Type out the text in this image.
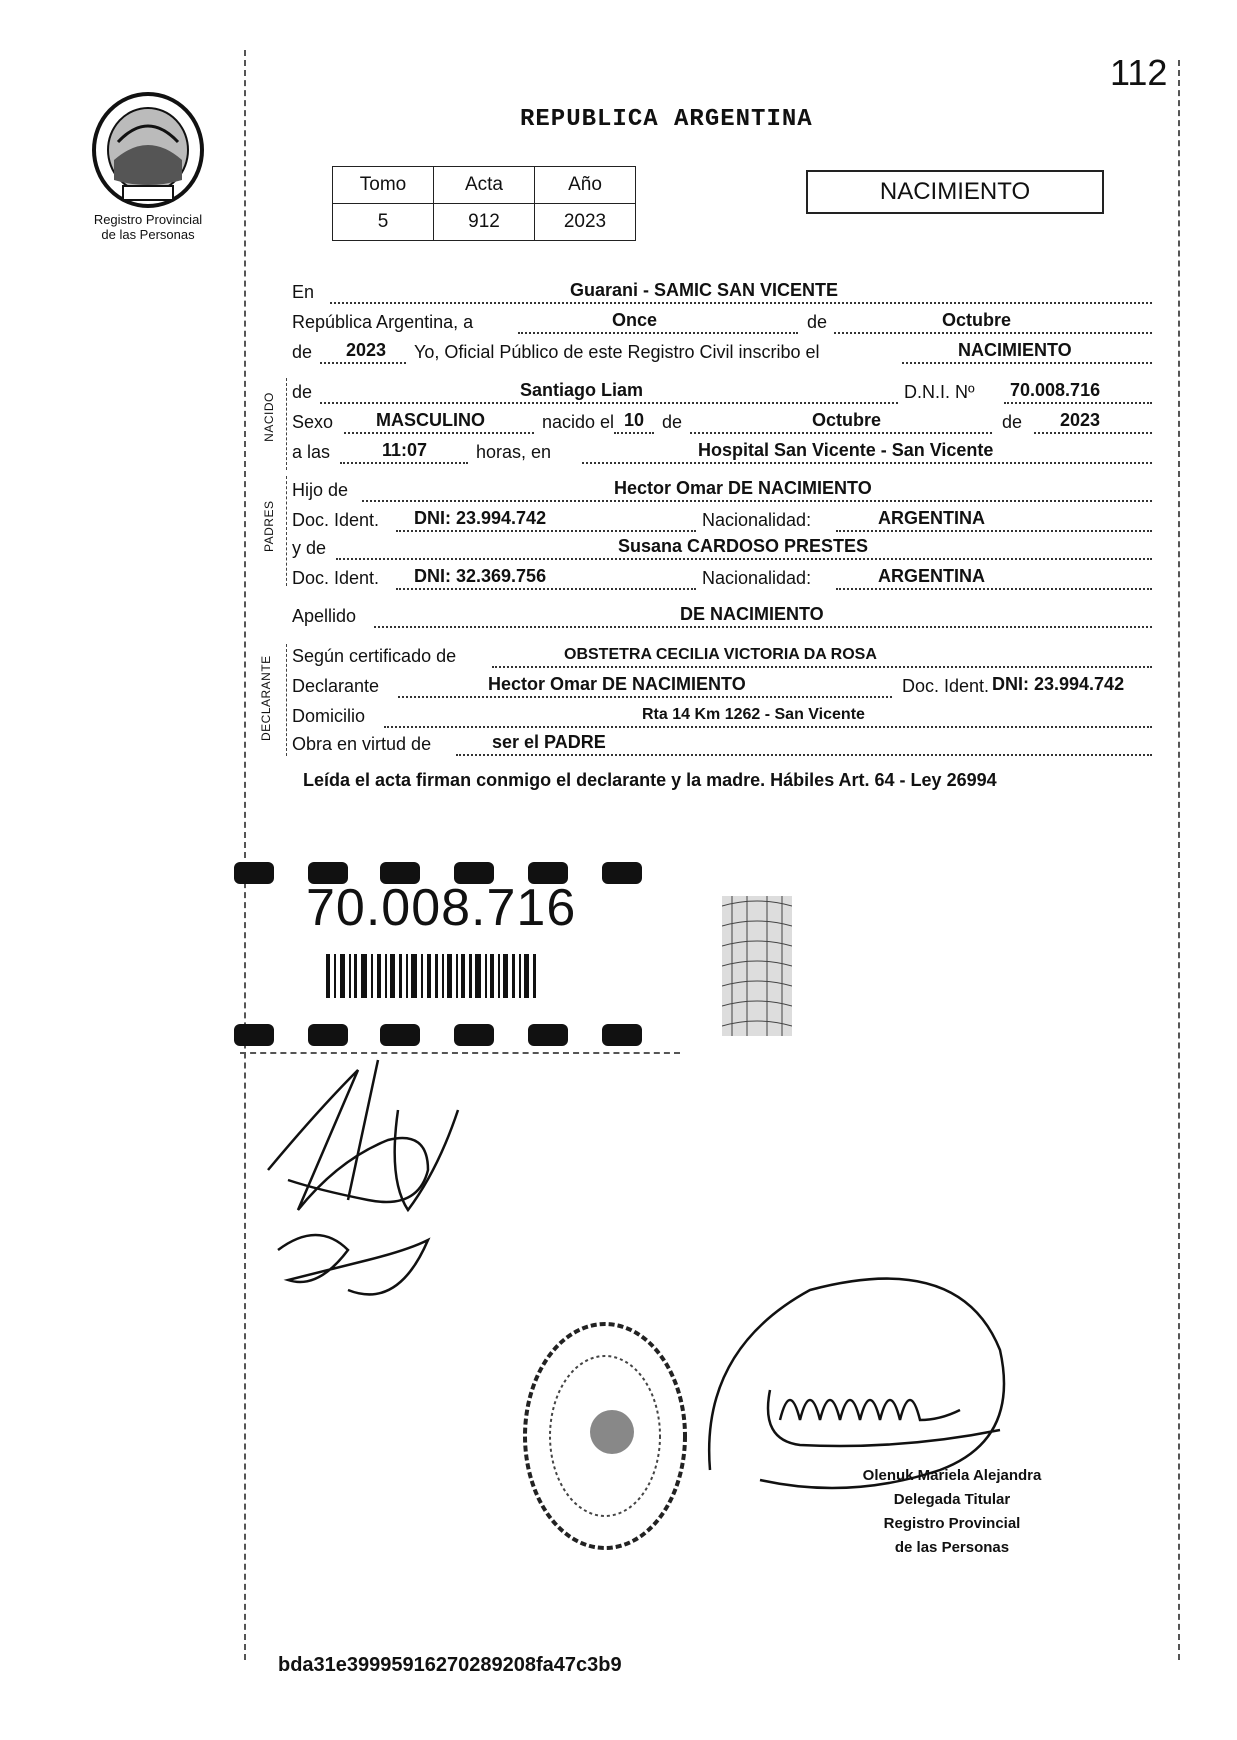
112
Registro Provincial
de las Personas
REPUBLICA ARGENTINA
Tomo	Acta	Año
5	912	2023
NACIMIENTO
En	Guarani - SAMIC SAN VICENTE
República Argentina, a	Once	de	Octubre
de 2023 Yo, Oficial Público de este Registro Civil inscribo el	NACIMIENTO
NACIDO
de	Santiago Liam	D.N.I. Nº 70.008.716
Sexo MASCULINO	nacido el 10 de	Octubre	de 2023
a las	11:07	horas, en	Hospital San Vicente - San Vicente
PADRES
Hijo de	Hector Omar DE NACIMIENTO
Doc. Ident. DNI: 23.994.742	Nacionalidad:	ARGENTINA
y de	Susana CARDOSO PRESTES
Doc. Ident. DNI: 32.369.756	Nacionalidad:	ARGENTINA
Apellido	DE NACIMIENTO
DECLARANTE Según certificado de	OBSTETRA CECILIA VICTORIA DA ROSA
Declarante	Hector Omar DE NACIMIENTO	Doc. Ident. DNI: 23.994.742
Domicilio	Rta 14 Km 1262 - San Vicente
Obra en virtud de	ser el PADRE
Leída el acta firman conmigo el declarante y la madre. Hábiles Art. 64 - Ley 26994
70.008.716
Olenuk Mariela Alejandra
Delegada Titular
Registro Provincial
de las Personas
bda31e39995916270289208fa47c3b9
